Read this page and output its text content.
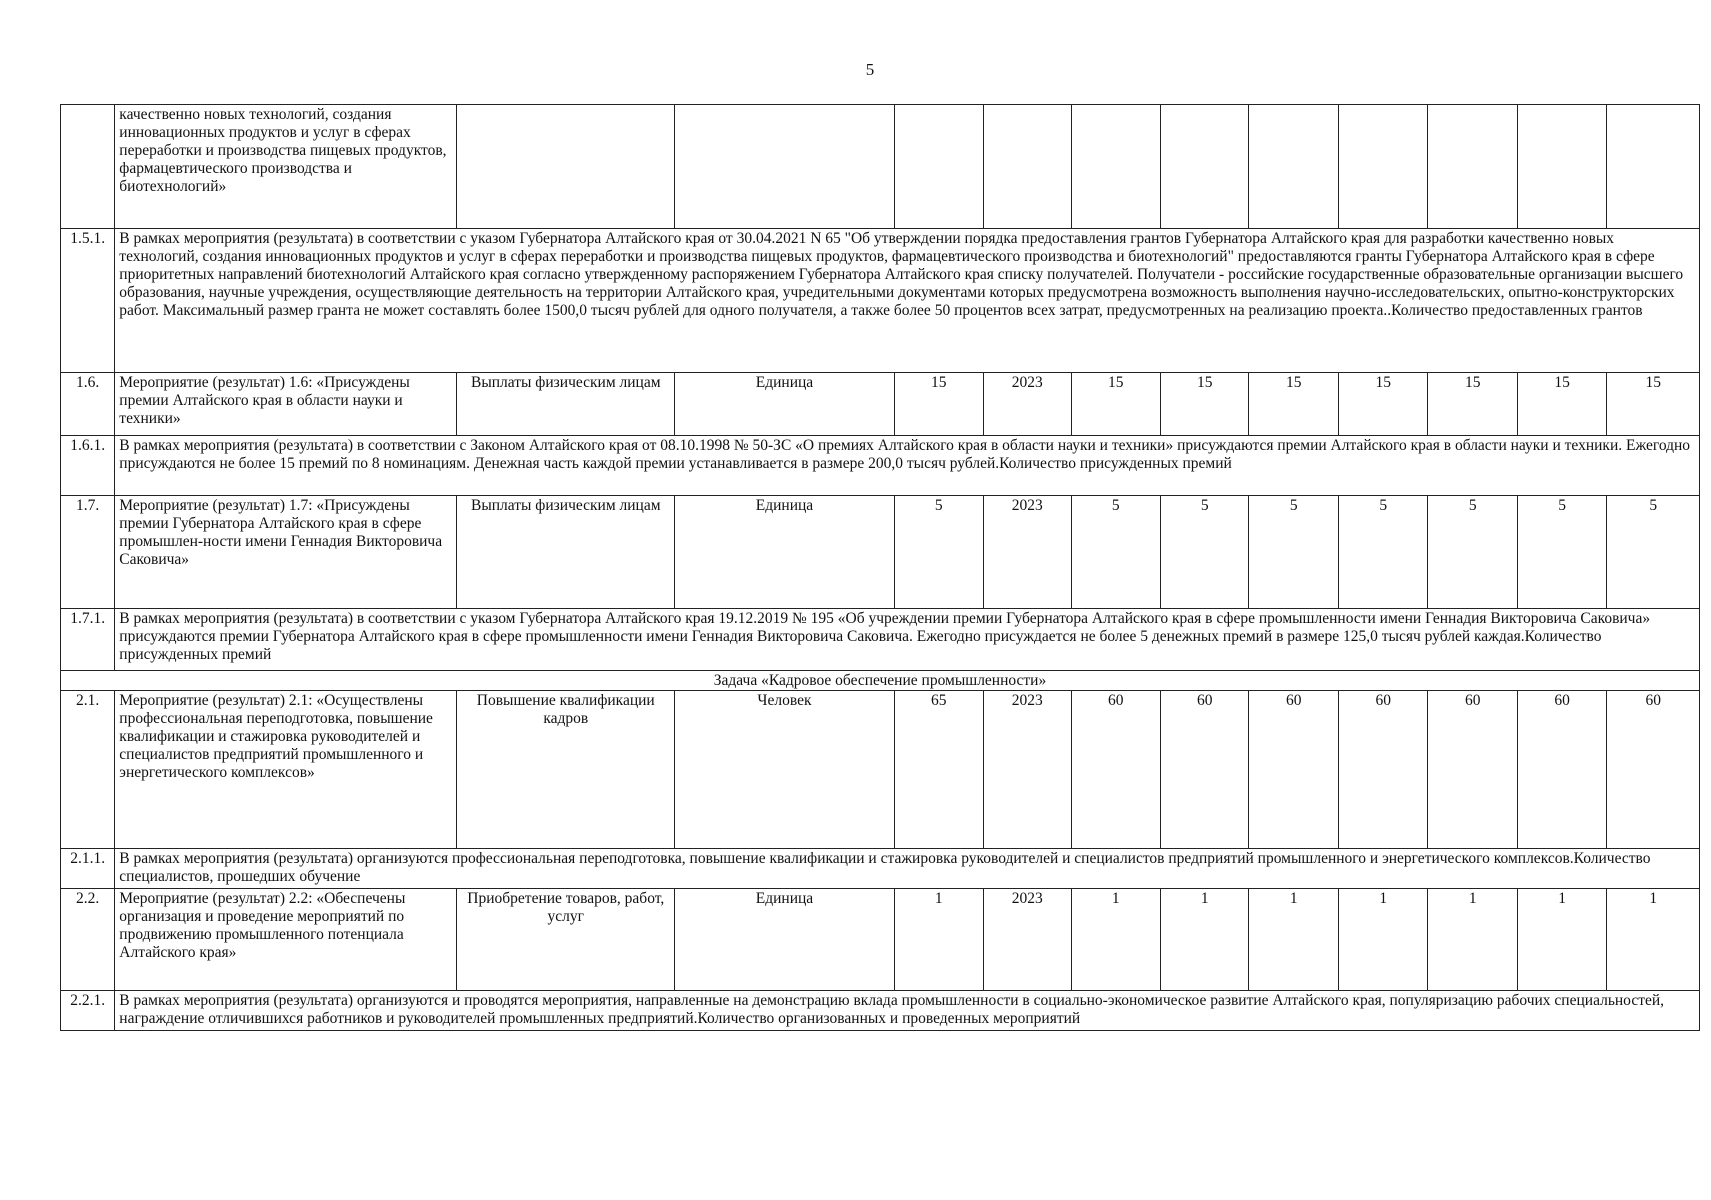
5
	качественно новых технологий, создания инновационных продуктов и услуг в сферах переработки и производства пищевых продуктов, фармацевтического производства и биотехнологий»											
1.5.1.	В рамках мероприятия (результата) в соответствии с указом Губернатора Алтайского края от 30.04.2021 N 65 "Об утверждении порядка предоставления грантов Губернатора Алтайского края для разработки качественно новых технологий, создания инновационных продуктов и услуг в сферах переработки и производства пищевых продуктов, фармацевтического производства и биотехнологий" предоставляются гранты Губернатора Алтайского края в сфере приоритетных направлений биотехнологий Алтайского края согласно утвержденному распоряжением Губернатора Алтайского края списку получателей. Получатели - российские государственные образовательные организации высшего образования, научные учреждения, осуществляющие деятельность на территории Алтайского края, учредительными документами которых предусмотрена возможность выполнения научно-исследовательских, опытно-конструкторских работ. Максимальный размер гранта не может составлять более 1500,0 тысяч рублей для одного получателя, а также более 50 процентов всех затрат, предусмотренных на реализацию проекта..Количество предоставленных грантов											
1.6.	Мероприятие (результат) 1.6: «Присуждены премии Алтайского края в области науки и техники»	Выплаты физическим лицам	Единица	15	2023	15	15	15	15	15	15	15
1.6.1.	В рамках мероприятия (результата) в соответствии с Законом Алтайского края от 08.10.1998 № 50-ЗС «О премиях Алтайского края в области науки и техники» присуждаются премии Алтайского края в области науки и техники. Ежегодно присуждаются не более 15 премий по 8 номинациям. Денежная часть каждой премии устанавливается в размере 200,0 тысяч рублей.Количество присужденных премий											
1.7.	Мероприятие (результат) 1.7: «Присуждены премии Губернатора Алтайского края в сфере промышлен-ности имени Геннадия Викторовича Саковича»	Выплаты физическим лицам	Единица	5	2023	5	5	5	5	5	5	5
1.7.1.	В рамках мероприятия (результата) в соответствии с указом Губернатора Алтайского края 19.12.2019 № 195 «Об учреждении премии Губернатора Алтайского края в сфере промышленности имени Геннадия Викторовича Саковича» присуждаются премии Губернатора Алтайского края в сфере промышленности имени Геннадия Викторовича Саковича. Ежегодно присуждается не более 5 денежных премий в размере 125,0 тысяч рублей каждая.Количество присужденных премий											
Задача «Кадровое обеспечение промышленности»												
2.1.	Мероприятие (результат) 2.1: «Осуществлены профессиональная переподготовка, повышение квалификации и стажировка руководителей и специалистов предприятий промышленного и энергетического комплексов»	Повышение квалификации кадров	Человек	65	2023	60	60	60	60	60	60	60
2.1.1.	В рамках мероприятия (результата) организуются профессиональная переподготовка, повышение квалификации и стажировка руководителей и специалистов предприятий промышленного и энергетического комплексов.Количество специалистов, прошедших обучение											
2.2.	Мероприятие (результат) 2.2: «Обеспечены организация и проведение мероприятий по продвижению промышленного потенциала Алтайского края»	Приобретение товаров, работ, услуг	Единица	1	2023	1	1	1	1	1	1	1
2.2.1.	В рамках мероприятия (результата) организуются и проводятся мероприятия, направленные на демонстрацию вклада промышленности в социально-экономическое развитие Алтайского края, популяризацию рабочих специальностей, награждение отличившихся работников и руководителей промышленных предприятий.Количество организованных и проведенных мероприятий											
